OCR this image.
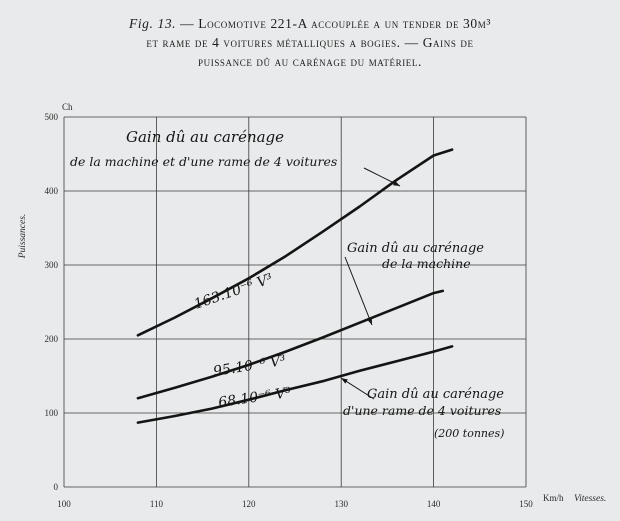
Fig. 13. — Locomotive 221-A accouplée a un tender de 30m³
et rame de 4 voitures métalliques a bogies. — Gains de
puissance dû au carénage du matériel.
100	110	120	130	140	150
0
100
200
300
400
500
Ch
Km/h Vitesses.
Puissances.
Gain dû au carénage
de la machine et d'une rame de 4 voitures
Gain dû au carénage
de la machine
Gain dû au carénage
d'une rame de 4 voitures
(200 tonnes)
163.10⁻⁶ V³
95.10⁻⁶ V³
68.10⁻⁶ V³
